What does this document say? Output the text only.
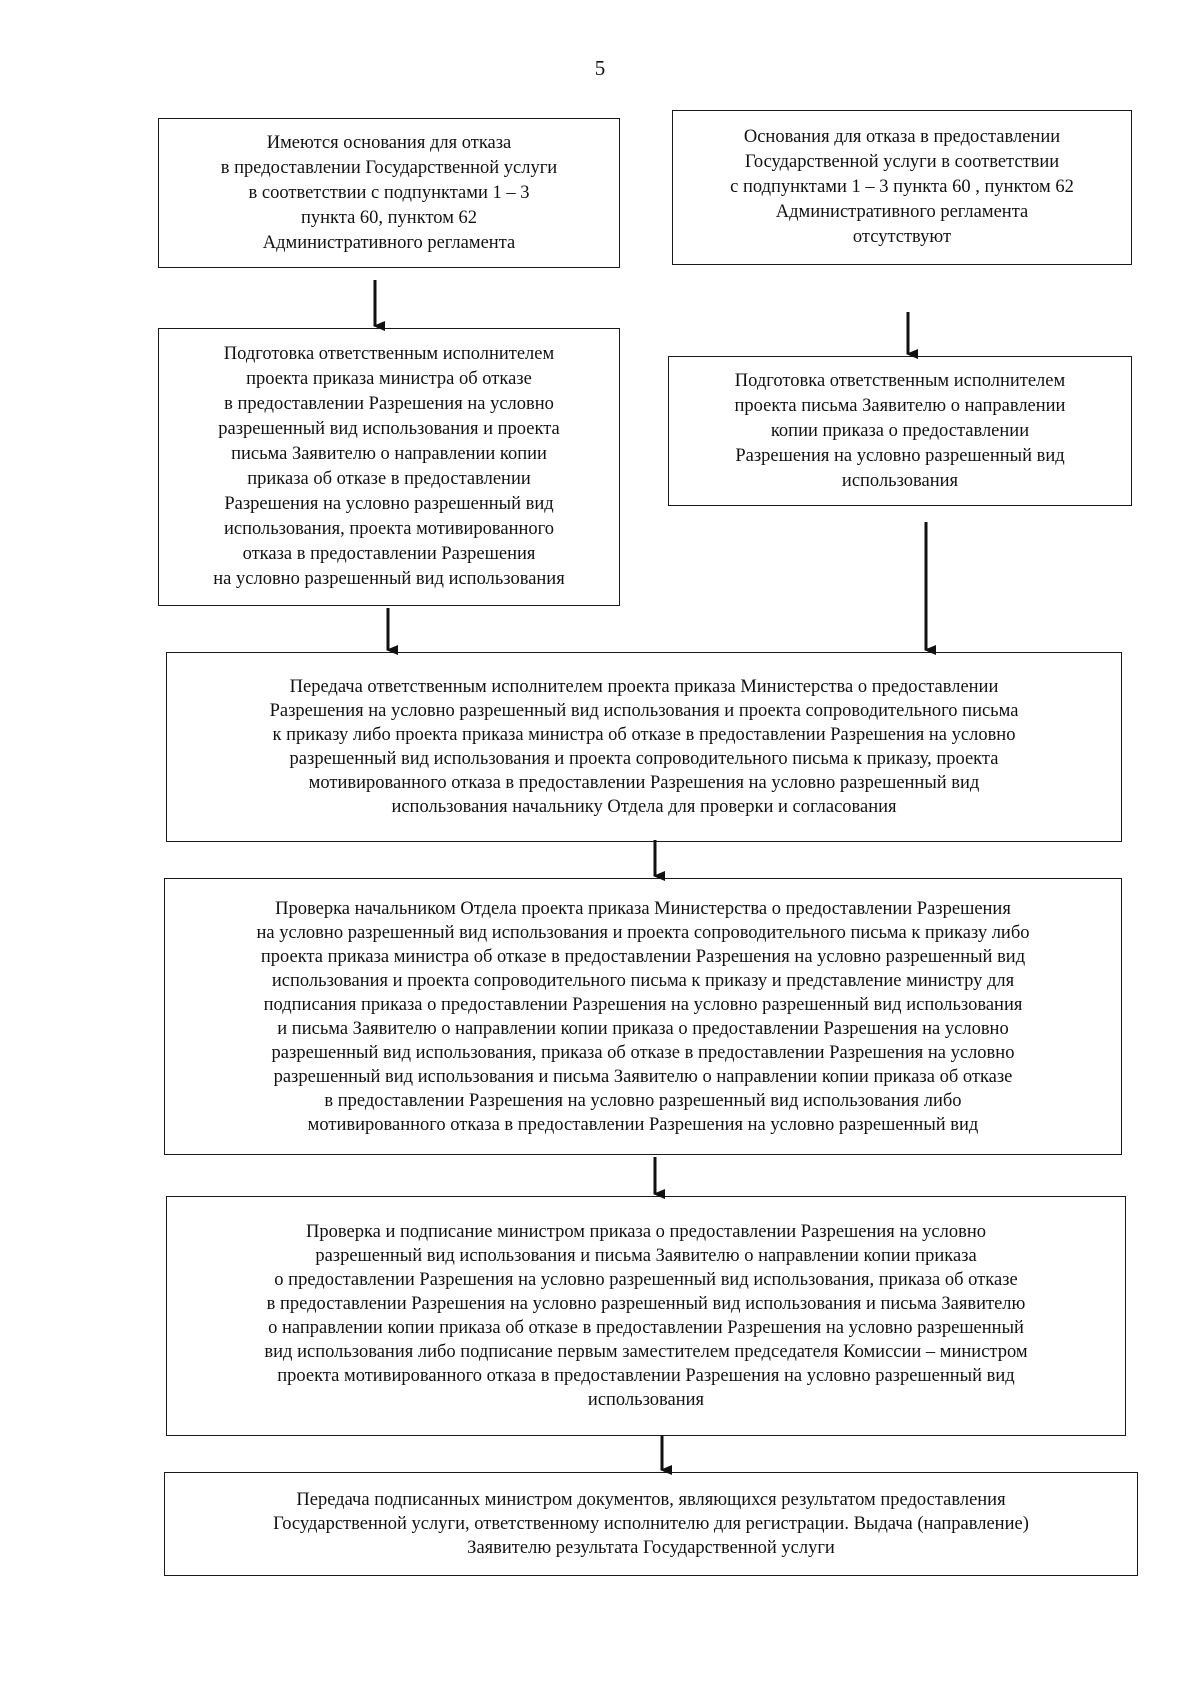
5
Имеются основания для отказа
в предоставлении Государственной услуги
в соответствии с подпунктами 1 – 3
пункта 60, пунктом 62
Административного регламента
Основания для отказа в предоставлении
Государственной услуги в соответствии
с подпунктами 1 – 3 пункта 60 , пунктом 62
Административного регламента
отсутствуют
Подготовка ответственным исполнителем
проекта приказа министра об отказе
в предоставлении Разрешения на условно
разрешенный вид использования и проекта
письма Заявителю о направлении копии
приказа об отказе в предоставлении
Разрешения на условно разрешенный вид
использования, проекта мотивированного
отказа в предоставлении Разрешения
на условно разрешенный вид использования
Подготовка ответственным исполнителем
проекта письма Заявителю о направлении
копии приказа о предоставлении
Разрешения на условно разрешенный вид
использования
Передача ответственным исполнителем проекта приказа Министерства о предоставлении
Разрешения на условно разрешенный вид использования и проекта сопроводительного письма
к приказу либо проекта приказа министра об отказе в предоставлении Разрешения на условно
разрешенный вид использования и проекта сопроводительного письма к приказу, проекта
мотивированного отказа в предоставлении Разрешения на условно разрешенный вид
использования начальнику Отдела для проверки и согласования
Проверка начальником Отдела проекта приказа Министерства о предоставлении Разрешения
на условно разрешенный вид использования и проекта сопроводительного письма к приказу либо
проекта приказа министра об отказе в предоставлении Разрешения на условно разрешенный вид
использования и проекта сопроводительного письма к приказу и представление министру для
подписания приказа о предоставлении Разрешения на условно разрешенный вид использования
и письма Заявителю о направлении копии приказа о предоставлении Разрешения на условно
разрешенный вид использования, приказа об отказе в предоставлении Разрешения на условно
разрешенный вид использования и письма Заявителю о направлении копии приказа об отказе
в предоставлении Разрешения на условно разрешенный вид использования либо
мотивированного отказа в предоставлении Разрешения на условно разрешенный вид
Проверка и подписание министром приказа о предоставлении Разрешения на условно
разрешенный вид использования и письма Заявителю о направлении копии приказа
о предоставлении Разрешения на условно разрешенный вид использования, приказа об отказе
в предоставлении Разрешения на условно разрешенный вид использования и письма Заявителю
о направлении копии приказа об отказе в предоставлении Разрешения на условно разрешенный
вид использования либо подписание первым заместителем председателя Комиссии – министром
проекта мотивированного отказа в предоставлении Разрешения на условно разрешенный вид
использования
Передача подписанных министром документов, являющихся результатом предоставления
Государственной услуги, ответственному исполнителю для регистрации. Выдача (направление)
Заявителю результата Государственной услуги
